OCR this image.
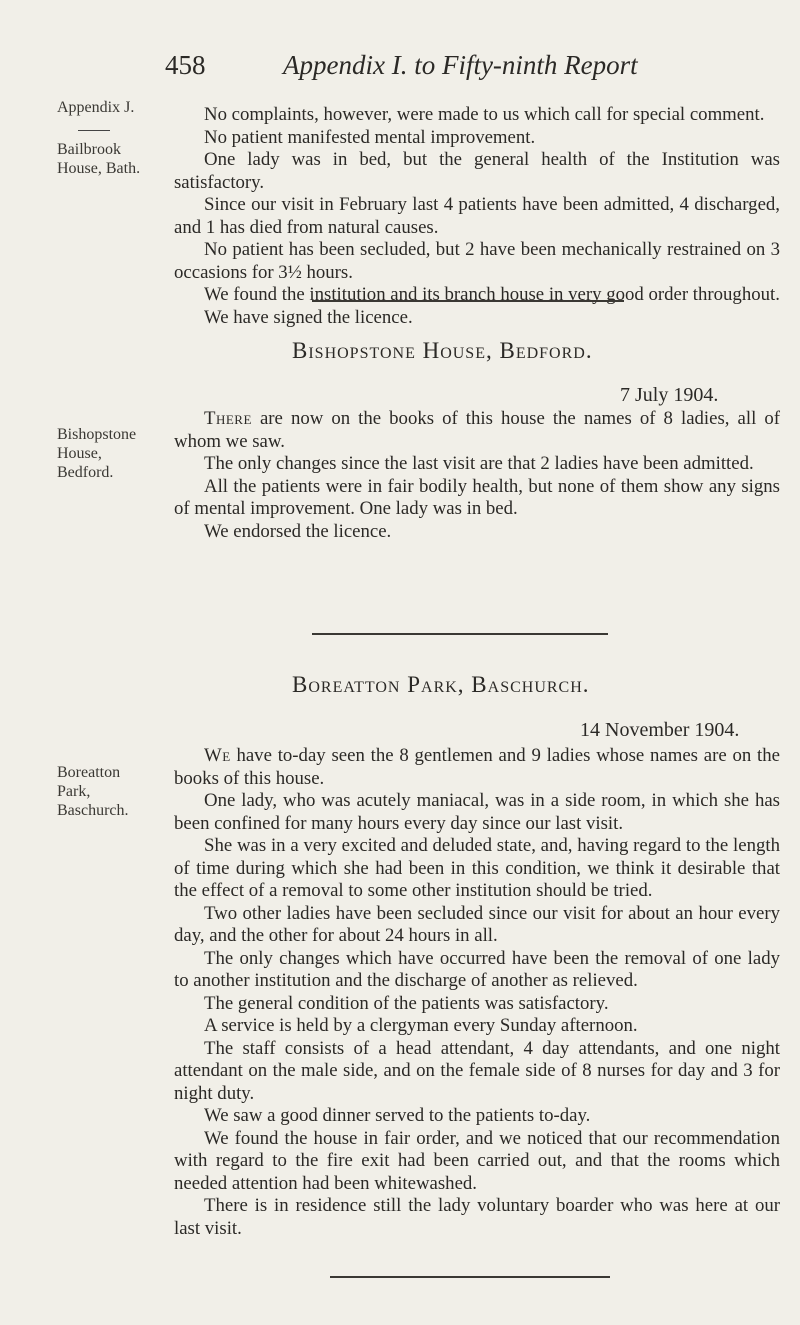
458	Appendix I. to Fifty-ninth Report
Appendix J.
Bailbrook
House, Bath.
Bishopstone
House,
Bedford.
Boreatton
Park,
Baschurch.

No complaints, however, were made to us which call for special comment.

No patient manifested mental improvement.

One lady was in bed, but the general health of the Institution was satisfactory.

Since our visit in February last 4 patients have been admitted, 4 discharged, and 1 has died from natural causes.

No patient has been secluded, but 2 have been mechanically restrained on 3 occasions for 3½ hours.

We found the institution and its branch house in very good order throughout.

We have signed the licence.

Bishopstone House, Bedford.
7 July 1904.

There are now on the books of this house the names of 8 ladies, all of whom we saw.

The only changes since the last visit are that 2 ladies have been admitted.

All the patients were in fair bodily health, but none of them show any signs of mental improvement. One lady was in bed.

We endorsed the licence.

Boreatton Park, Baschurch.
14 November 1904.

We have to-day seen the 8 gentlemen and 9 ladies whose names are on the books of this house.

One lady, who was acutely maniacal, was in a side room, in which she has been confined for many hours every day since our last visit.

She was in a very excited and deluded state, and, having regard to the length of time during which she had been in this condition, we think it desirable that the effect of a removal to some other institution should be tried.

Two other ladies have been secluded since our visit for about an hour every day, and the other for about 24 hours in all.

The only changes which have occurred have been the removal of one lady to another institution and the discharge of another as relieved.

The general condition of the patients was satisfactory.

A service is held by a clergyman every Sunday afternoon.

The staff consists of a head attendant, 4 day attendants, and one night attendant on the male side, and on the female side of 8 nurses for day and 3 for night duty.

We saw a good dinner served to the patients to-day.

We found the house in fair order, and we noticed that our recommendation with regard to the fire exit had been carried out, and that the rooms which needed attention had been whitewashed.

There is in residence still the lady voluntary boarder who was here at our last visit.
